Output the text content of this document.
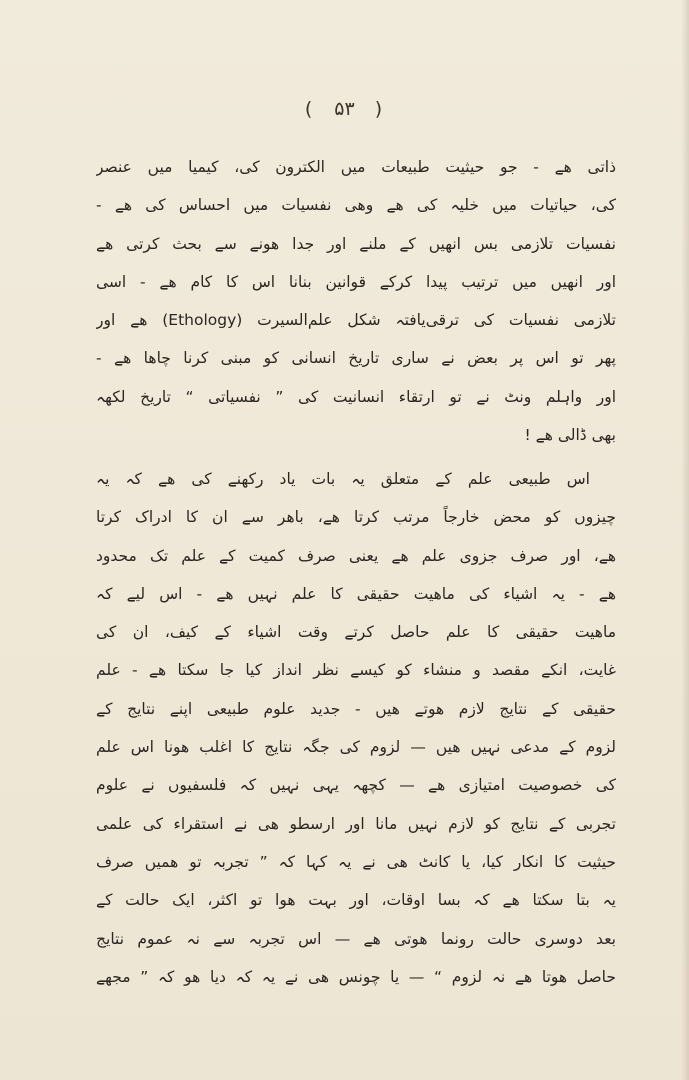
( ۵۳ )
ذاتی ھے - جو حیثیت طبیعات میں الکترون کی، کیمیا میں عنصر
کی، حیاتیات میں خلیہ کی ھے وھی نفسیات میں احساس کی ھے -
نفسیات تلازمی بس انھیں کے ملنے اور جدا ھونے سے بحث کرتی ھے
اور انھیں میں ترتیب پیدا کرکے قوانین بنانا اس کا کام ھے - اسی
تلازمی نفسیات کی ترقی‌یافتہ شکل علم‌السیرت (Ethology) ھے اور
پھر تو اس پر بعض نے ساری تاریخ انسانی کو مبنی کرنا چاھا ھے -
اور واہلم ونٹ نے تو ارتقاء انسانیت کی ” نفسیاتی “ تاریخ لکھہ
بھی ڈالی ھے !
اس طبیعی علم کے متعلق یہ بات یاد رکھنے کی ھے کہ یہ
چیزوں کو محض خارجاً مرتب کرتا ھے، باھر سے ان کا ادراک کرتا
ھے، اور صرف جزوی علم ھے یعنی صرف کمیت کے علم تک محدود
ھے - یہ اشیاء کی ماھیت حقیقی کا علم نہیں ھے - اس لیے کہ
ماھیت حقیقی کا علم حاصل کرتے وقت اشیاء کے کیف، ان کی
غایت، انکے مقصد و منشاء کو کیسے نظر انداز کیا جا سکتا ھے - علم
حقیقی کے نتایج لازم ھوتے ھیں - جدید علوم طبیعی اپنے نتایج کے
لزوم کے مدعی نہیں ھیں — لزوم کی جگہ نتایج کا اغلب ھونا اس علم
کی خصوصیت امتیازی ھے — کچھہ یہی نہیں کہ فلسفیوں نے علوم
تجربی کے نتایج کو لازم نہیں مانا اور ارسطو ھی نے استقراء کی علمی
حیثیت کا انکار کیا، یا کانٹ ھی نے یہ کہا کہ ” تجربہ تو ھمیں صرف
یہ بتا سکتا ھے کہ بسا اوقات، اور بہت ھوا تو اکثر، ایک حالت کے
بعد دوسری حالت رونما ھوتی ھے — اس تجربہ سے نہ عموم نتایج
حاصل ھوتا ھے نہ لزوم “ — یا چونس ھی نے یہ کہ دیا ھو کہ ” مجھے
